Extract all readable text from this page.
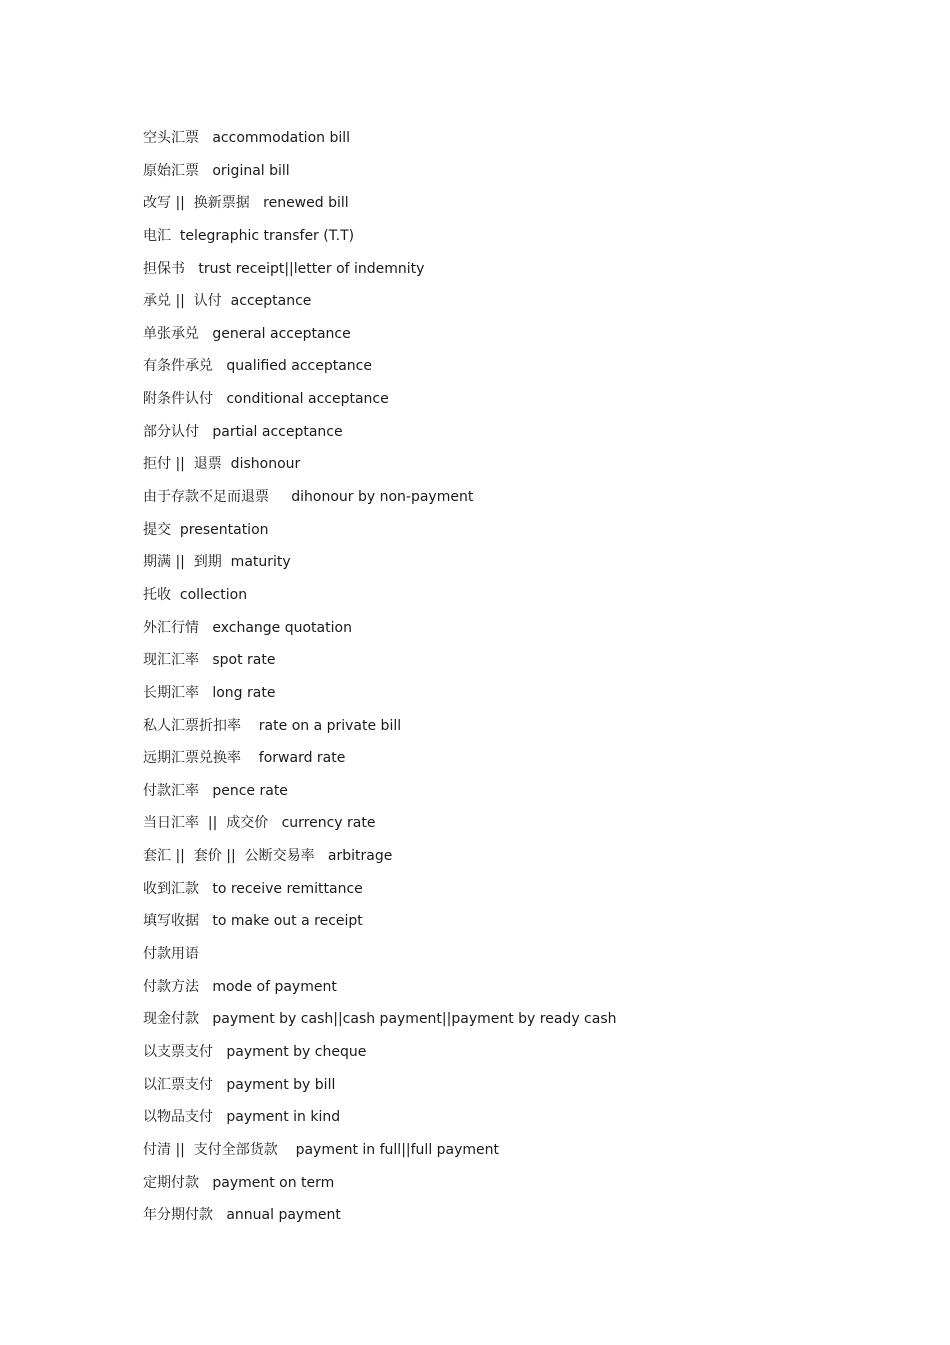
空头汇票   accommodation bill
原始汇票   original bill
改写 ||  换新票据   renewed bill
电汇  telegraphic transfer (T.T)
担保书   trust receipt||letter of indemnity
承兑 ||  认付  acceptance
单张承兑   general acceptance
有条件承兑   qualified acceptance
附条件认付   conditional acceptance
部分认付   partial acceptance
拒付 ||  退票  dishonour
由于存款不足而退票     dihonour by non-payment
提交  presentation
期满 ||  到期  maturity
托收  collection
外汇行情   exchange quotation
现汇汇率   spot rate
长期汇率   long rate
私人汇票折扣率    rate on a private bill
远期汇票兑换率    forward rate
付款汇率   pence rate
当日汇率  ||  成交价   currency rate
套汇 ||  套价 ||  公断交易率   arbitrage
收到汇款   to receive remittance
填写收据   to make out a receipt
付款用语
付款方法   mode of payment
现金付款   payment by cash||cash payment||payment by ready cash
以支票支付   payment by cheque
以汇票支付   payment by bill
以物品支付   payment in kind
付清 ||  支付全部货款    payment in full||full payment
定期付款   payment on term
年分期付款   annual payment
